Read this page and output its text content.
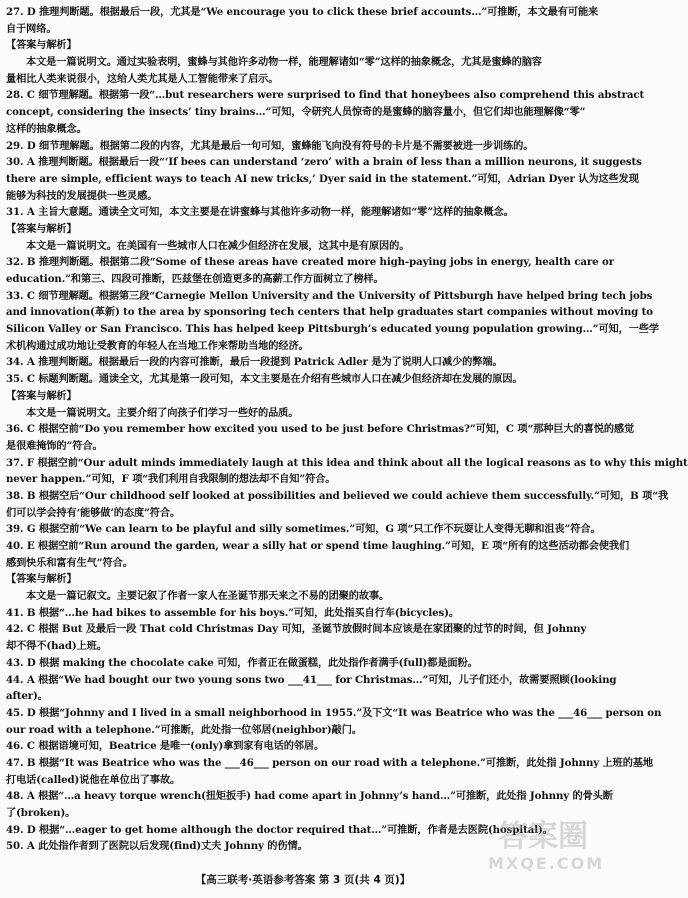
27. D 推理判断题。根据最后一段，尤其是“We encourage you to click these brief accounts…”可推断，本文最有可能来
自于网络。
【答案与解析】
本文是一篇说明文。通过实验表明，蜜蜂与其他许多动物一样，能理解诸如“零”这样的抽象概念，尤其是蜜蜂的脑容
量相比人类来说很小，这给人类尤其是人工智能带来了启示。
28. C 细节理解题。根据第一段“…but researchers were surprised to find that honeybees also comprehend this abstract
concept, considering the insects’ tiny brains…”可知，令研究人员惊奇的是蜜蜂的脑容量小，但它们却也能理解像“零”
这样的抽象概念。
29. D 细节理解题。根据第二段的内容，尤其是最后一句可知，蜜蜂能飞向没有符号的卡片是不需要被进一步训练的。
30. A 推理判断题。根据最后一段“‘If bees can understand ‘zero’ with a brain of less than a million neurons, it suggests
there are simple, efficient ways to teach AI new tricks,’ Dyer said in the statement.”可知，Adrian Dyer 认为这些发现
能够为科技的发展提供一些灵感。
31. A 主旨大意题。通读全文可知，本文主要是在讲蜜蜂与其他许多动物一样，能理解诸如“零”这样的抽象概念。
【答案与解析】
本文是一篇说明文。在美国有一些城市人口在减少但经济在发展，这其中是有原因的。
32. B 推理判断题。根据第二段“Some of these areas have created more high-paying jobs in energy, health care or
education.”和第三、四段可推断，匹兹堡在创造更多的高薪工作方面树立了榜样。
33. C 细节理解题。根据第三段“Carnegie Mellon University and the University of Pittsburgh have helped bring tech jobs
and innovation(革新) to the area by sponsoring tech centers that help graduates start companies without moving to
Silicon Valley or San Francisco. This has helped keep Pittsburgh’s educated young population growing…”可知，一些学
术机构通过成功地让受教育的年轻人在当地工作来帮助当地的经济。
34. A 推理判断题。根据最后一段的内容可推断，最后一段提到 Patrick Adler 是为了说明人口减少的弊端。
35. C 标题判断题。通读全文，尤其是第一段可知，本文主要是在介绍有些城市人口在减少但经济却在发展的原因。
【答案与解析】
本文是一篇说明文。主要介绍了向孩子们学习一些好的品质。
36. C 根据空前“Do you remember how excited you used to be just before Christmas?”可知，C 项“那种巨大的喜悦的感觉
是很难掩饰的”符合。
37. F 根据空前“Our adult minds immediately laugh at this idea and think about all the logical reasons as to why this might
never happen.”可知，F 项“我们利用自我限制的想法却不自知”符合。
38. B 根据空后“Our childhood self looked at possibilities and believed we could achieve them successfully.”可知，B 项“我
们可以学会持有‘能够做’的态度”符合。
39. G 根据空前“We can learn to be playful and silly sometimes.”可知，G 项“只工作不玩耍让人变得无聊和沮丧”符合。
40. E 根据空前“Run around the garden, wear a silly hat or spend time laughing.”可知，E 项“所有的这些活动都会使我们
感到快乐和富有生气”符合。
【答案与解析】
本文是一篇记叙文。主要记叙了作者一家人在圣诞节那天来之不易的团聚的故事。
41. B 根据“…he had bikes to assemble for his boys.”可知，此处指买自行车(bicycles)。
42. C 根据 But 及最后一段 That cold Christmas Day 可知，圣诞节放假时间本应该是在家团聚的过节的时间，但 Johnny
却不得不(had)上班。
43. D 根据 making the chocolate cake 可知，作者正在做蛋糕，此处指作者满手(full)都是面粉。
44. A 根据“We had bought our two young sons two ___41___ for Christmas…”可知，儿子们还小，故需要照顾(looking
after)。
45. D 根据“Johnny and I lived in a small neighborhood in 1955.”及下文“It was Beatrice who was the ___46___ person on
our road with a telephone.”可推断，此处指一位邻居(neighbor)敲门。
46. C 根据语境可知，Beatrice 是唯一(only)拿到家有电话的邻居。
47. B 根据“It was Beatrice who was the ___46___ person on our road with a telephone.”可推断，此处指 Johnny 上班的基地
打电话(called)说他在单位出了事故。
48. A 根据“…a heavy torque wrench(扭矩扳手) had come apart in Johnny’s hand…”可推断，此处指 Johnny 的骨头断
了(broken)。
49. D 根据“…eager to get home although the doctor required that…”可推断，作者是去医院(hospital)。
50. A 此处指作者到了医院以后发现(find)丈夫 Johnny 的伤情。
【高三联考·英语参考答案 第 3 页(共 4 页)】
答案圈
MXQE.COM
